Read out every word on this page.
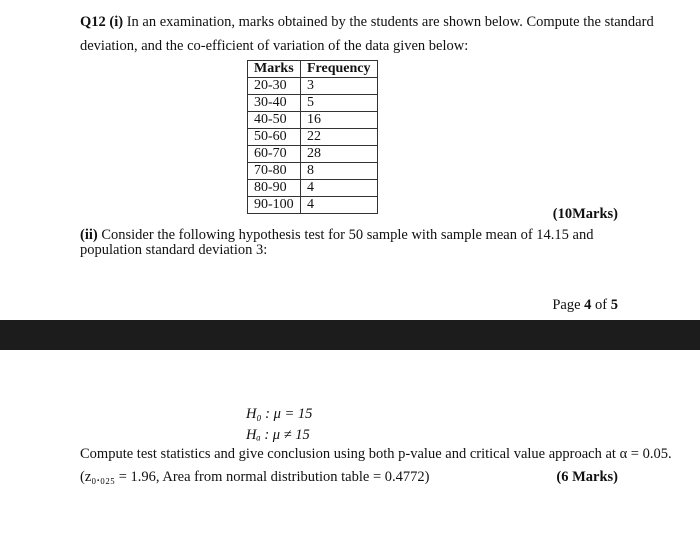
Q12 (i) In an examination, marks obtained by the students are shown below. Compute the standard
deviation, and the co-efficient of variation of the data given below:
Marks	Frequency
20-30	3
30-40	5
40-50	16
50-60	22
60-70	28
70-80	8
80-90	4
90-100	4
(10Marks)
(ii) Consider the following hypothesis test for 50 sample with sample mean of 14.15 and population standard deviation 3:
Page 4 of 5
H₀ : μ = 15
Hₐ : μ ≠ 15
Compute test statistics and give conclusion using both p-value and critical value approach at α = 0.05.
(z₀.₀₂₅ = 1.96, Area from normal distribution table = 0.4772)	(6 Marks)
